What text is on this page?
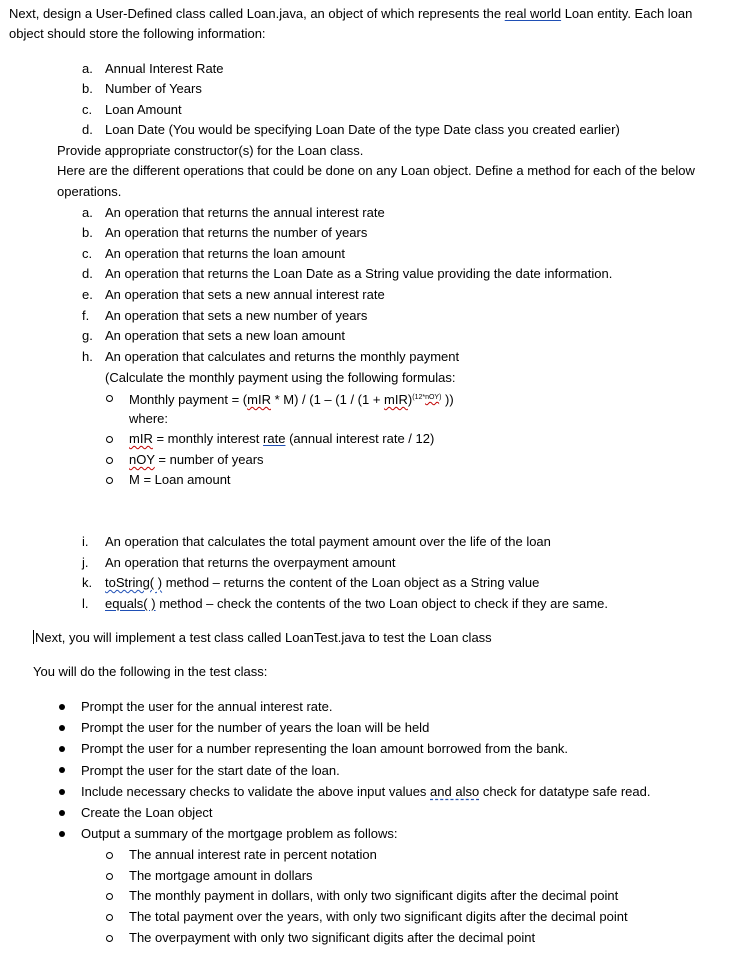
Next, design a User-Defined class called Loan.java, an object of which represents the real world Loan entity. Each loan
object should store the following information:
a. Annual Interest Rate
b. Number of Years
c. Loan Amount
d. Loan Date (You would be specifying Loan Date of the type Date class you created earlier)
Provide appropriate constructor(s) for the Loan class.
Here are the different operations that could be done on any Loan object. Define a method for each of the below
operations.
a. An operation that returns the annual interest rate
b. An operation that returns the number of years
c. An operation that returns the loan amount
d. An operation that returns the Loan Date as a String value providing the date information.
e. An operation that sets a new annual interest rate
f. An operation that sets a new number of years
g. An operation that sets a new loan amount
h. An operation that calculates and returns the monthly payment
(Calculate the monthly payment using the following formulas:
Monthly payment = (mIR * M) / (1 – (1 / (1 + mIR)$^{(12*nOY)}$ ))
where:
mIR = monthly interest rate (annual interest rate / 12)
nOY = number of years
M = Loan amount
i. An operation that calculates the total payment amount over the life of the loan
j. An operation that returns the overpayment amount
k. toString( ) method – returns the content of the Loan object as a String value
l. equals( ) method – check the contents of the two Loan object to check if they are same.
Next, you will implement a test class called LoanTest.java to test the Loan class
You will do the following in the test class:
Prompt the user for the annual interest rate.
Prompt the user for the number of years the loan will be held
Prompt the user for a number representing the loan amount borrowed from the bank.
Prompt the user for the start date of the loan.
Include necessary checks to validate the above input values and also check for datatype safe read.
Create the Loan object
Output a summary of the mortgage problem as follows:
The annual interest rate in percent notation
The mortgage amount in dollars
The monthly payment in dollars, with only two significant digits after the decimal point
The total payment over the years, with only two significant digits after the decimal point
The overpayment with only two significant digits after the decimal point
